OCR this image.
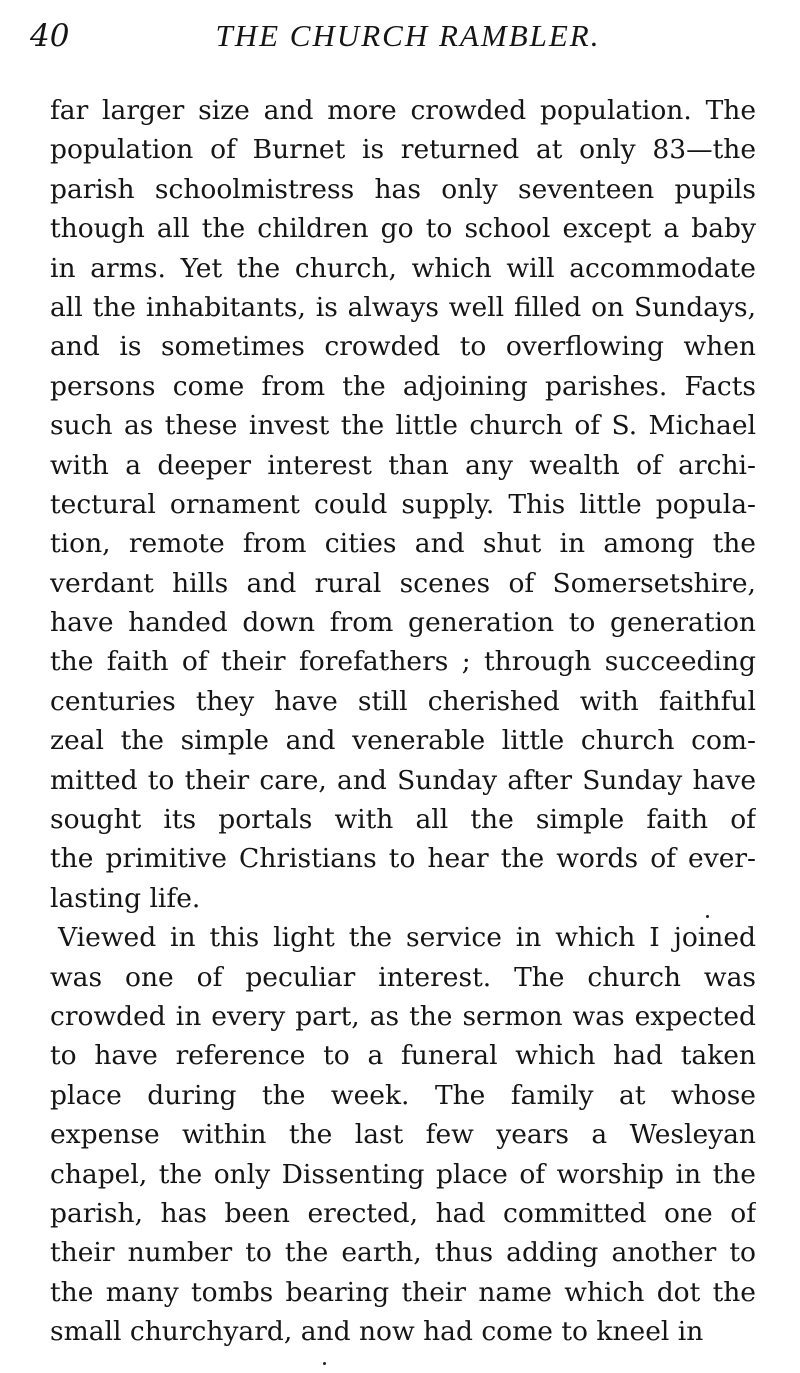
40	THE CHURCH RAMBLER.
far larger size and more crowded population. The
population of Burnet is returned at only 83—the
parish schoolmistress has only seventeen pupils
though all the children go to school except a baby
in arms. Yet the church, which will accommodate
all the inhabitants, is always well filled on Sundays,
and is sometimes crowded to overflowing when
persons come from the adjoining parishes. Facts
such as these invest the little church of S. Michael
with a deeper interest than any wealth of archi-
tectural ornament could supply. This little popula-
tion, remote from cities and shut in among the
verdant hills and rural scenes of Somersetshire,
have handed down from generation to generation
the faith of their forefathers ; through succeeding
centuries they have still cherished with faithful
zeal the simple and venerable little church com-
mitted to their care, and Sunday after Sunday have
sought its portals with all the simple faith of
the primitive Christians to hear the words of ever-
lasting life.
Viewed in this light the service in which I joined
was one of peculiar interest. The church was
crowded in every part, as the sermon was expected
to have reference to a funeral which had taken
place during the week. The family at whose
expense within the last few years a Wesleyan
chapel, the only Dissenting place of worship in the
parish, has been erected, had committed one of
their number to the earth, thus adding another to
the many tombs bearing their name which dot the
small churchyard, and now had come to kneel in
